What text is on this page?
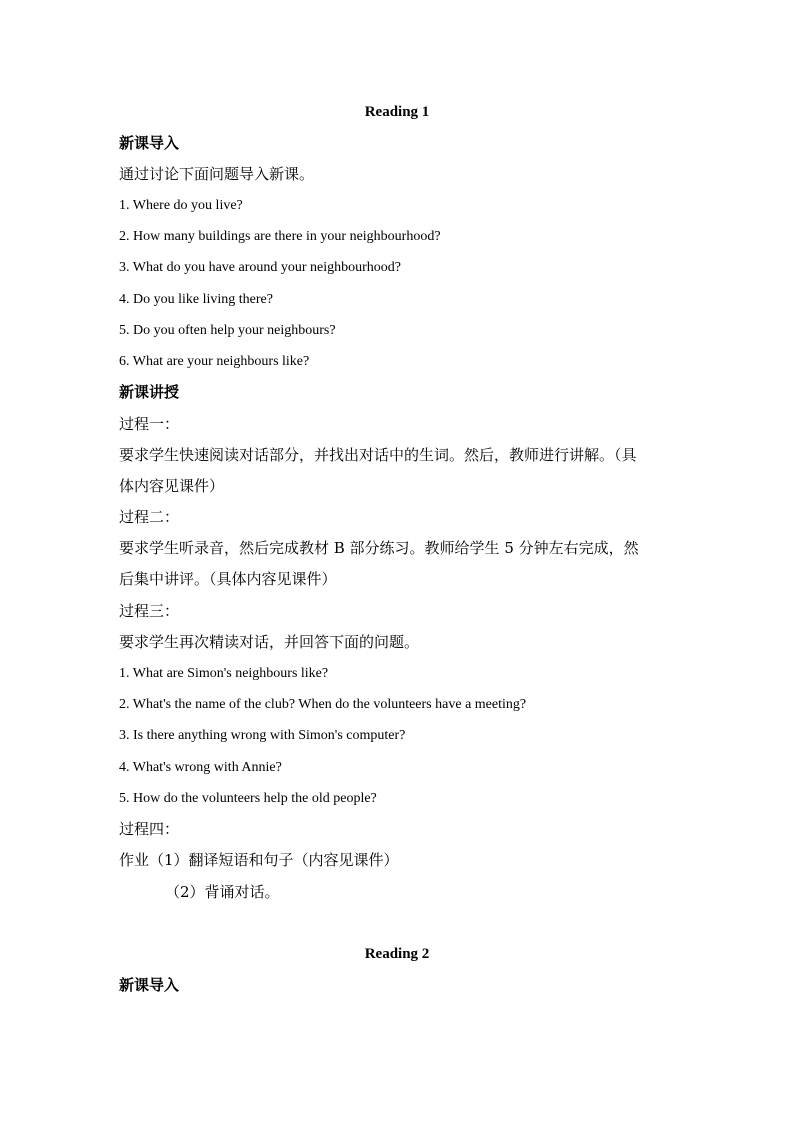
Reading 1
新课导入
通过讨论下面问题导入新课。
1. Where do you live?
2. How many buildings are there in your neighbourhood?
3. What do you have around your neighbourhood?
4. Do you like living there?
5. Do you often help your neighbours?
6. What are your neighbours like?
新课讲授
过程一：
要求学生快速阅读对话部分，并找出对话中的生词。然后，教师进行讲解。（具
体内容见课件）
过程二：
要求学生听录音，然后完成教材 B 部分练习。教师给学生 5 分钟左右完成，然
后集中讲评。（具体内容见课件）
过程三：
要求学生再次精读对话，并回答下面的问题。
1. What are Simon's neighbours like?
2. What's the name of the club? When do the volunteers have a meeting?
3. Is there anything wrong with Simon's computer?
4. What's wrong with Annie?
5. How do the volunteers help the old people?
过程四：
作业（1）翻译短语和句子（内容见课件）
（2）背诵对话。
Reading 2
新课导入
